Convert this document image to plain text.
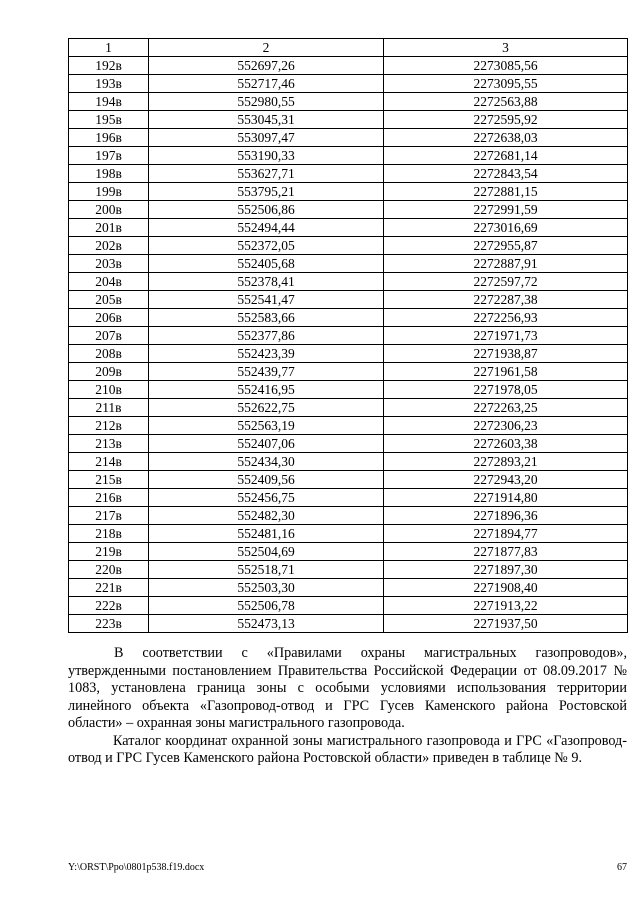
1	2	3
192в	552697,26	2273085,56
193в	552717,46	2273095,55
194в	552980,55	2272563,88
195в	553045,31	2272595,92
196в	553097,47	2272638,03
197в	553190,33	2272681,14
198в	553627,71	2272843,54
199в	553795,21	2272881,15
200в	552506,86	2272991,59
201в	552494,44	2273016,69
202в	552372,05	2272955,87
203в	552405,68	2272887,91
204в	552378,41	2272597,72
205в	552541,47	2272287,38
206в	552583,66	2272256,93
207в	552377,86	2271971,73
208в	552423,39	2271938,87
209в	552439,77	2271961,58
210в	552416,95	2271978,05
211в	552622,75	2272263,25
212в	552563,19	2272306,23
213в	552407,06	2272603,38
214в	552434,30	2272893,21
215в	552409,56	2272943,20
216в	552456,75	2271914,80
217в	552482,30	2271896,36
218в	552481,16	2271894,77
219в	552504,69	2271877,83
220в	552518,71	2271897,30
221в	552503,30	2271908,40
222в	552506,78	2271913,22
223в	552473,13	2271937,50

В соответствии с «Правилами охраны магистральных газопроводов», утвержденными постановлением Правительства Российской Федерации от 08.09.2017 № 1083, установлена граница зоны с особыми условиями использования территории линейного объекта «Газопровод-отвод и ГРС Гусев Каменского района Ростовской области» – охранная зоны магистрального газопровода.

Каталог координат охранной зоны магистрального газопровода и ГРС «Газопровод-отвод и ГРС Гусев Каменского района Ростовской области» приведен в таблице № 9.

Y:\ORST\Ppo\0801p538.f19.docx	67
